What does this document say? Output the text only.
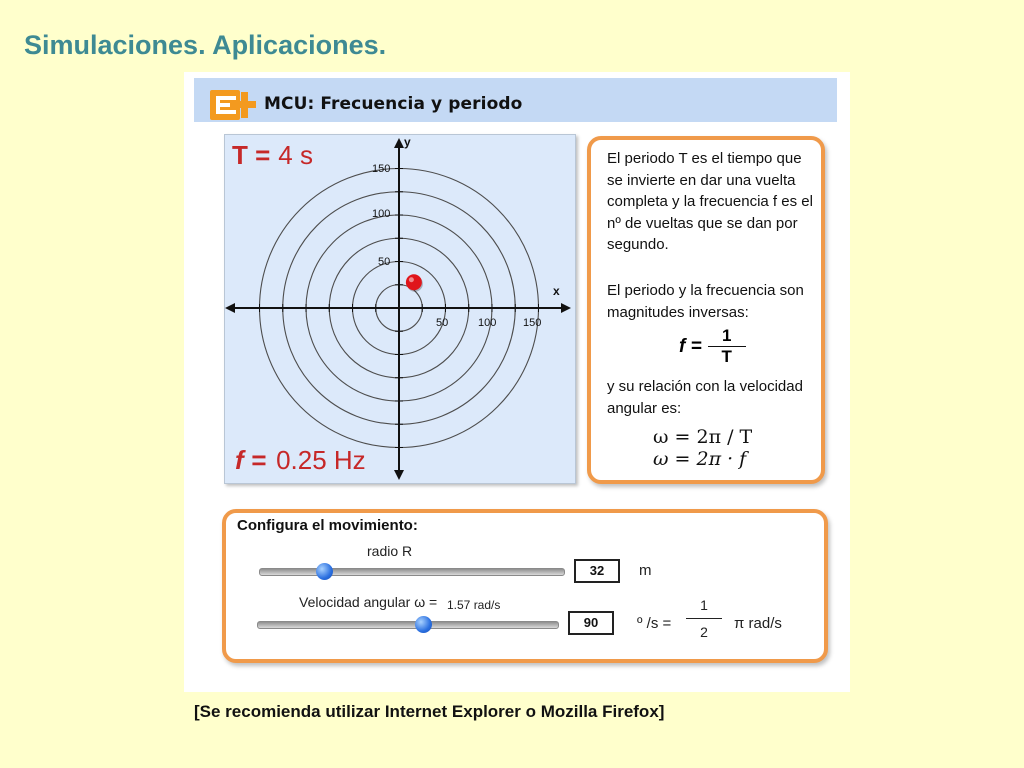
Simulaciones. Aplicaciones.
MCU: Frecuencia y periodo
T = 4 s
f = 0.25 Hz
y
x
150
100
50
50	100 150

El periodo T es el tiempo que se invierte en dar una vuelta completa y la frecuencia f es el nº de vueltas que se dan por segundo.

El periodo y la frecuencia son magnitudes inversas:

$f = \frac{1}{T}$

y su relación con la velocidad angular es:

ω = 2π / T
ω = 2π · f
Configura el movimiento:
radio R
32	m
Velocidad angular ω = 1.57 rad/s
90	º $/s = \frac{1}{2}$ π rad/s
[Se recomienda utilizar Internet Explorer o Mozilla Firefox]
